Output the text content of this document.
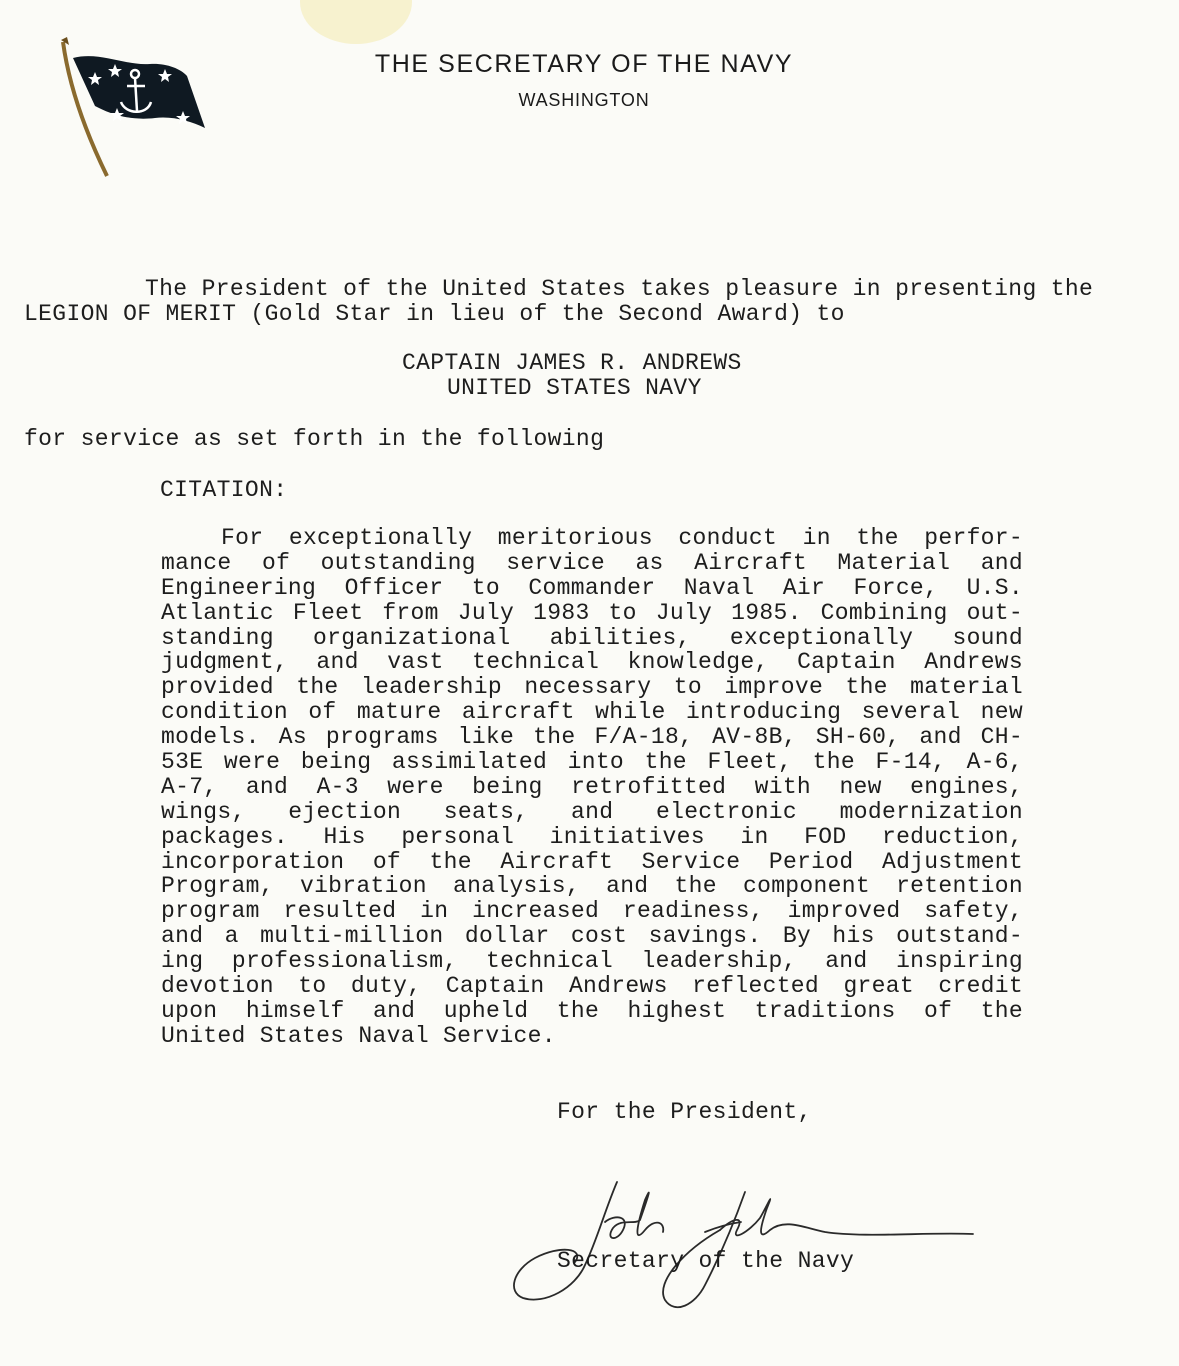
THE SECRETARY OF THE NAVY
WASHINGTON
The President of the United States takes pleasure in presenting the
LEGION OF MERIT (Gold Star in lieu of the Second Award) to
CAPTAIN JAMES R. ANDREWS
UNITED STATES NAVY
for service as set forth in the following
CITATION:
For exceptionally meritorious conduct in the perfor-
mance of outstanding service as Aircraft Material and
Engineering Officer to Commander Naval Air Force, U.S.
Atlantic Fleet from July 1983 to July 1985. Combining out-
standing organizational abilities, exceptionally sound
judgment, and vast technical knowledge, Captain Andrews
provided the leadership necessary to improve the material
condition of mature aircraft while introducing several new
models. As programs like the F/A-18, AV-8B, SH-60, and CH-
53E were being assimilated into the Fleet, the F-14, A-6,
A-7, and A-3 were being retrofitted with new engines,
wings, ejection seats, and electronic modernization
packages. His personal initiatives in FOD reduction,
incorporation of the Aircraft Service Period Adjustment
Program, vibration analysis, and the component retention
program resulted in increased readiness, improved safety,
and a multi-million dollar cost savings. By his outstand-
ing professionalism, technical leadership, and inspiring
devotion to duty, Captain Andrews reflected great credit
upon himself and upheld the highest traditions of the
United States Naval Service.
For the President,
Secretary of the Navy
